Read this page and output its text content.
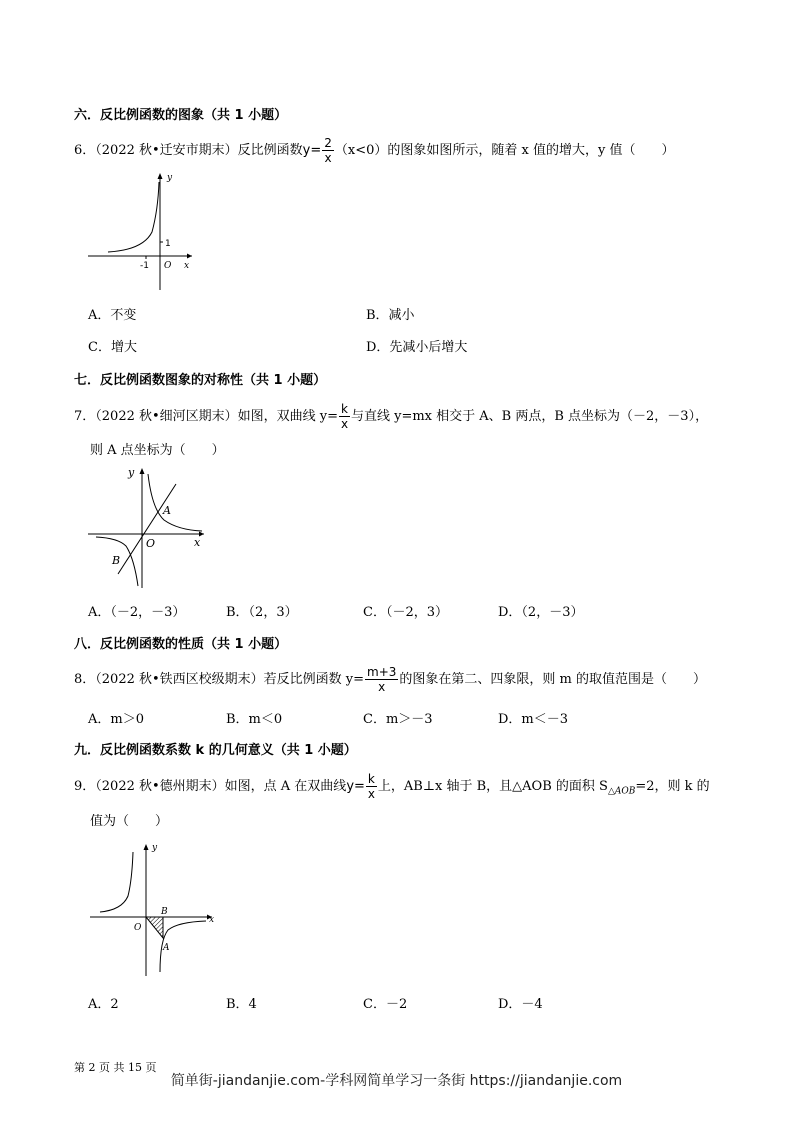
六．反比例函数的图象（共 1 小题）
6．（2022 秋•迁安市期末）反比例函数$y= \frac{2}{x} (x<0)$的图象如图所示，随着 x 值的增大，y 值（　　）
y
x
1
-1 O
A．不变	B．减小
C．增大	D．先减小后增大
七．反比例函数图象的对称性（共 1 小题）
7．（2022 秋•细河区期末）如图，双曲线 $y= \frac{k}{x}$ 与直线 y=mx 相交于 A、B 两点，B 点坐标为（－2，－3），
则 A 点坐标为（　　）
y
x
A
B
O
A．（－2，－3）	B．（2，3）	C．（－2，3）	D．（2，－3）
八．反比例函数的性质（共 1 小题）
8．（2022 秋•铁西区校级期末）若反比例函数 $y= \frac{m+3}{x}$ 的图象在第二、四象限，则 m 的取值范围是（　　）
A．m＞0	B．m＜0	C．m＞－3	D．m＜－3
九．反比例函数系数 k 的几何意义（共 1 小题）
9．（2022 秋•德州期末）如图，点 A 在双曲线$y= \frac{k}{x}$ 上，AB⊥x 轴于 B，且△AOB 的面积 $S_{\triangle AOB}=2$，则 k 的
值为（　　）
y
x
B
A
O
A．2	B．4	C．－2	D．－4
第 2 页 共 15 页
简单街-jiandanjie.com-学科网简单学习一条街 https://jiandanjie.com
